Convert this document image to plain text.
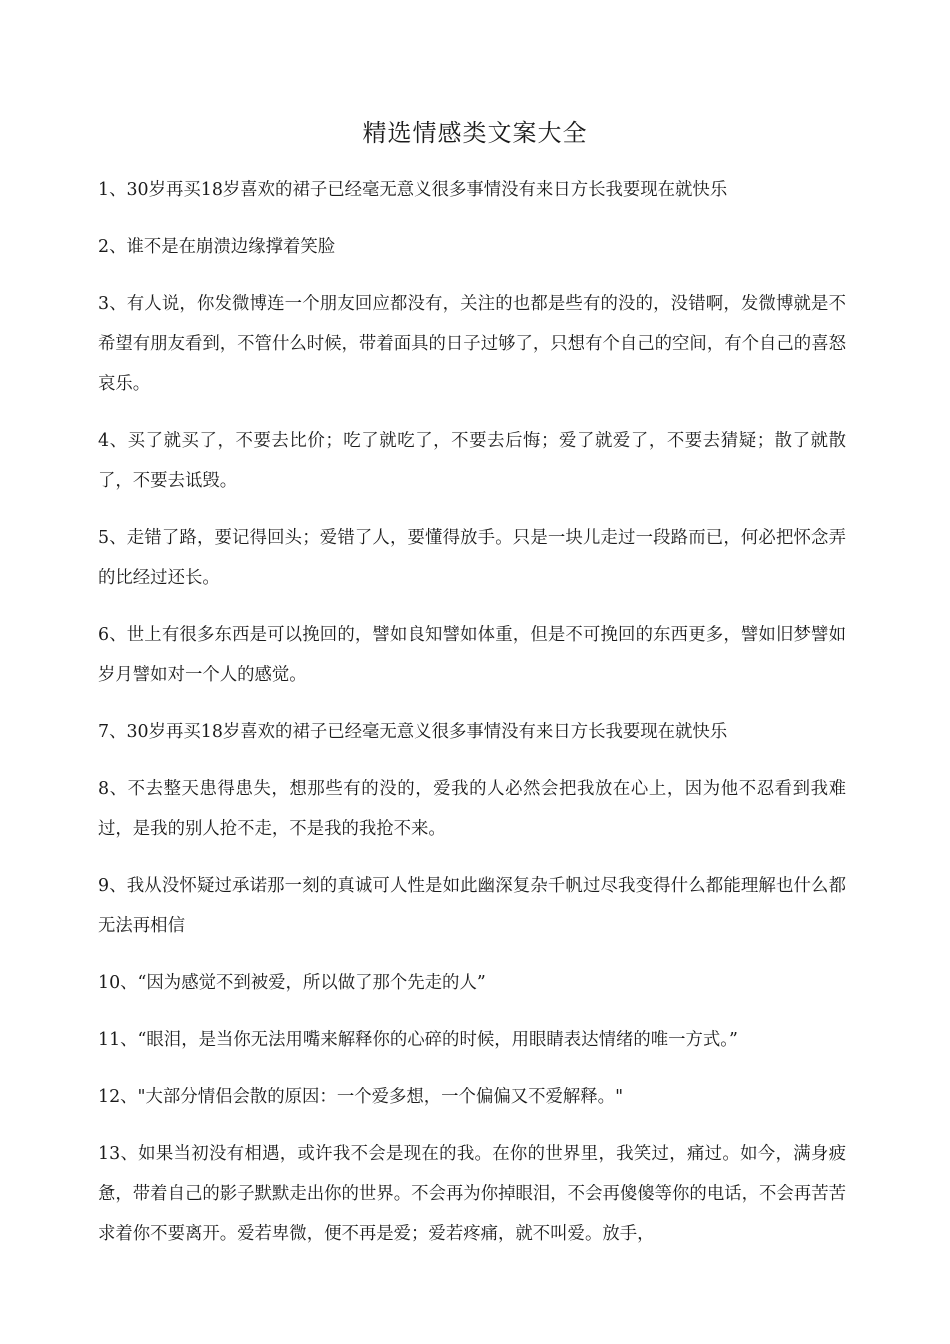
精选情感类文案大全

1、30岁再买18岁喜欢的裙子已经毫无意义很多事情没有来日方长我要现在就快乐

2、谁不是在崩溃边缘撑着笑脸

3、有人说，你发微博连一个朋友回应都没有，关注的也都是些有的没的，没错啊，发微博就是不希望有朋友看到，不管什么时候，带着面具的日子过够了，只想有个自己的空间，有个自己的喜怒哀乐。

4、买了就买了，不要去比价；吃了就吃了，不要去后悔；爱了就爱了，不要去猜疑；散了就散了，不要去诋毁。

5、走错了路，要记得回头；爱错了人，要懂得放手。只是一块儿走过一段路而已，何必把怀念弄的比经过还长。

6、世上有很多东西是可以挽回的，譬如良知譬如体重，但是不可挽回的东西更多，譬如旧梦譬如岁月譬如对一个人的感觉。

7、30岁再买18岁喜欢的裙子已经毫无意义很多事情没有来日方长我要现在就快乐

8、不去整天患得患失，想那些有的没的，爱我的人必然会把我放在心上，因为他不忍看到我难过，是我的别人抢不走，不是我的我抢不来。

9、我从没怀疑过承诺那一刻的真诚可人性是如此幽深复杂千帆过尽我变得什么都能理解也什么都无法再相信

10、“因为感觉不到被爱，所以做了那个先走的人”

11、“眼泪，是当你无法用嘴来解释你的心碎的时候，用眼睛表达情绪的唯一方式。”

12、"大部分情侣会散的原因：一个爱多想，一个偏偏又不爱解释。"

13、如果当初没有相遇，或许我不会是现在的我。在你的世界里，我笑过，痛过。如今，满身疲惫，带着自己的影子默默走出你的世界。不会再为你掉眼泪，不会再傻傻等你的电话，不会再苦苦求着你不要离开。爱若卑微，便不再是爱；爱若疼痛，就不叫爱。放手，
